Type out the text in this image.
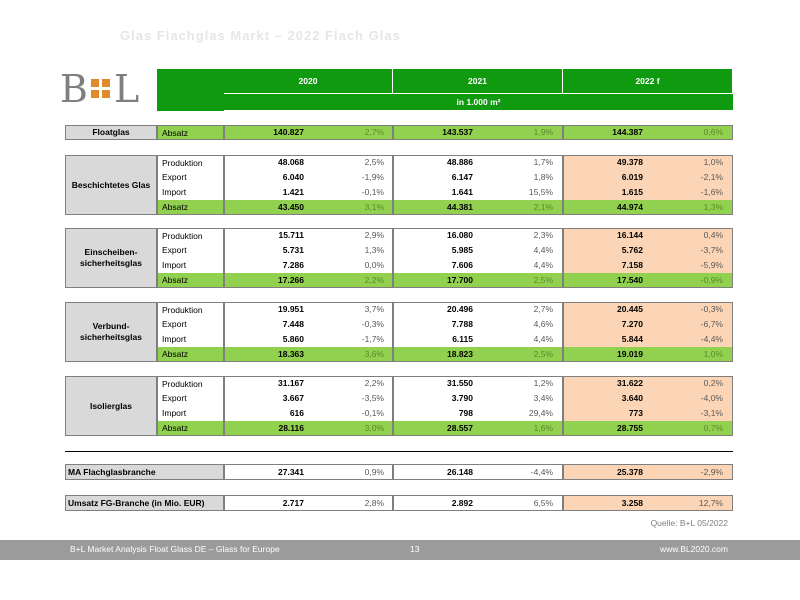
Glas Flachglas Markt – 2022 Flach Glas
B L	2020	2021	2022 f
in 1.000 m²
Floatglas	Absatz	140.827	2,7%	143.537	1,9%	144.387	0,6%
Beschichtetes Glas
Produktion	48.068	2,5%	48.886	1,7%	49.378	1,0%
Export	6.040	-1,9%	6.147	1,8%	6.019	-2,1%
Import	1.421	-0,1%	1.641	15,5%	1.615	-1,6%
Absatz	43.450	3,1%	44.381	2,1%	44.974	1,3%
Einscheiben-sicherheitsglas
Produktion	15.711	2,9%	16.080	2,3%	16.144	0,4%
Export	5.731	1,3%	5.985	4,4%	5.762	-3,7%
Import	7.286	0,0%	7.606	4,4%	7.158	-5,9%
Absatz	17.266	2,2%	17.700	2,5%	17.540	-0,9%
Verbund-sicherheitsglas
Produktion	19.951	3,7%	20.496	2,7%	20.445	-0,3%
Export	7.448	-0,3%	7.788	4,6%	7.270	-6,7%
Import	5.860	-1,7%	6.115	4,4%	5.844	-4,4%
Absatz	18.363	3,6%	18.823	2,5%	19.019	1,0%
Isolierglas
Produktion	31.167	2,2%	31.550	1,2%	31.622	0,2%
Export	3.667	-3,5%	3.790	3,4%	3.640	-4,0%
Import	616	-0,1%	798	29,4%	773	-3,1%
Absatz	28.116	3,0%	28.557	1,6%	28.755	0,7%
MA Flachglasbranche	27.341	0,9%	26.148	-4,4%	25.378	-2,9%
Umsatz FG-Branche (in Mio. EUR)	2.717	2,8%	2.892	6,5%	3.258	12,7%
Quelle: B+L 05/2022
B+L Market Analysis Float Glass DE – Glass for Europe	13	www.BL2020.com
